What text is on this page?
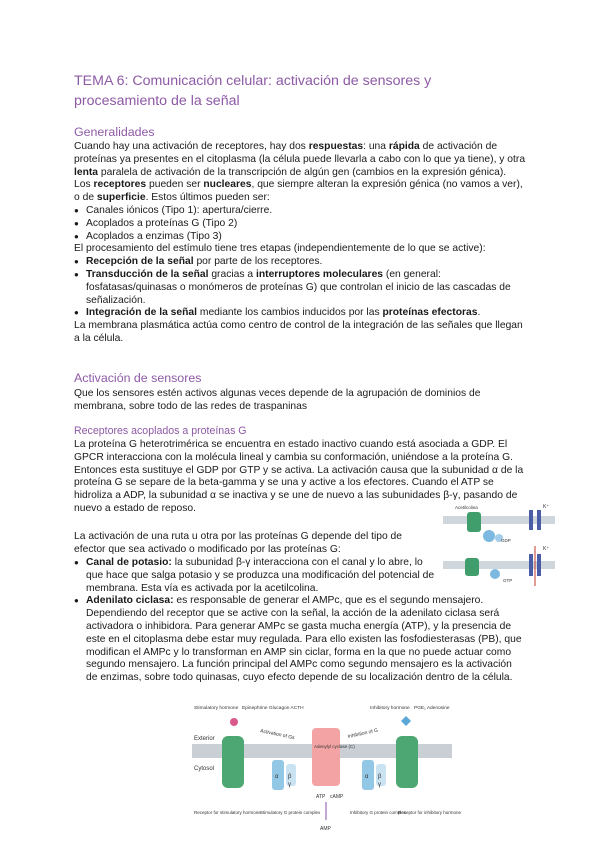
TEMA 6: Comunicación celular: activación de sensores y procesamiento de la señal
Generalidades

Cuando hay una activación de receptores, hay dos respuestas: una rápida de activación de proteínas ya presentes en el citoplasma (la célula puede llevarla a cabo con lo que ya tiene), y otra lenta paralela de activación de la transcripción de algún gen (cambios en la expresión génica).

Los receptores pueden ser nucleares, que siempre alteran la expresión génica (no vamos a ver), o de superficie. Estos últimos pueden ser:

● Canales iónicos (Tipo 1): apertura/cierre.
● Acoplados a proteínas G (Tipo 2)
● Acoplados a enzimas (Tipo 3)

El procesamiento del estímulo tiene tres etapas (independientemente de lo que se active):

● Recepción de la señal por parte de los receptores.
● Transducción de la señal gracias a interruptores moleculares (en general: fosfatasas/quinasas o monómeros de proteínas G) que controlan el inicio de las cascadas de señalización.
● Integración de la señal mediante los cambios inducidos por las proteínas efectoras.

La membrana plasmática actúa como centro de control de la integración de las señales que llegan a la célula.

Activación de sensores

Que los sensores estén activos algunas veces depende de la agrupación de dominios de membrana, sobre todo de las redes de traspaninas

Receptores acoplados a proteínas G

La proteína G heterotrimérica se encuentra en estado inactivo cuando está asociada a GDP. El GPCR interacciona con la molécula lineal y cambia su conformación, uniéndose a la proteína G. Entonces esta sustituye el GDP por GTP y se activa. La activación causa que la subunidad α de la proteína G se separe de la beta-gamma y se una y active a los efectores. Cuando el ATP se hidroliza a ADP, la subunidad α se inactiva y se une de nuevo a las subunidades β-γ, pasando de nuevo a estado de reposo.

La activación de una ruta u otra por las proteínas G depende del tipo de efector que sea activado o modificado por las proteínas G:

● Canal de potasio: la subunidad β-γ interacciona con el canal y lo abre, lo que hace que salga potasio y se produzca una modificación del potencial de membrana. Esta vía es activada por la acetilcolina.
● Adenilato ciclasa: es responsable de generar el AMPc, que es el segundo mensajero. Dependiendo del receptor que se active con la señal, la acción de la adenilato ciclasa será activadora o inhibidora. Para generar AMPc se gasta mucha energía (ATP), y la presencia de este en el citoplasma debe estar muy regulada. Para ello existen las fosfodiesterasas (PB), que modifican el AMPc y lo transforman en AMP sin ciclar, forma en la que no puede actuar como segundo mensajero. La función principal del AMPc como segundo mensajero es la activación de enzimas, sobre todo quinasas, cuyo efecto depende de su localización dentro de la célula.
Acetilcolina	K⁺
GDP
GTP
K⁺
Exterior
Cytosol
Stimulatory hormone Epinephrine Glucagon ACTH
Receptor for stimulatory hormone
α β
γ
Stimulatory G protein complex
Activation of Gs
Adenylyl cyclase (C)
ATP cAMP
AMP
α β
γ
Inhibitory G protein complex
Inhibition of G
Inhibitory hormone PGE₁ Adenosine
Receptor for inhibitory hormone
